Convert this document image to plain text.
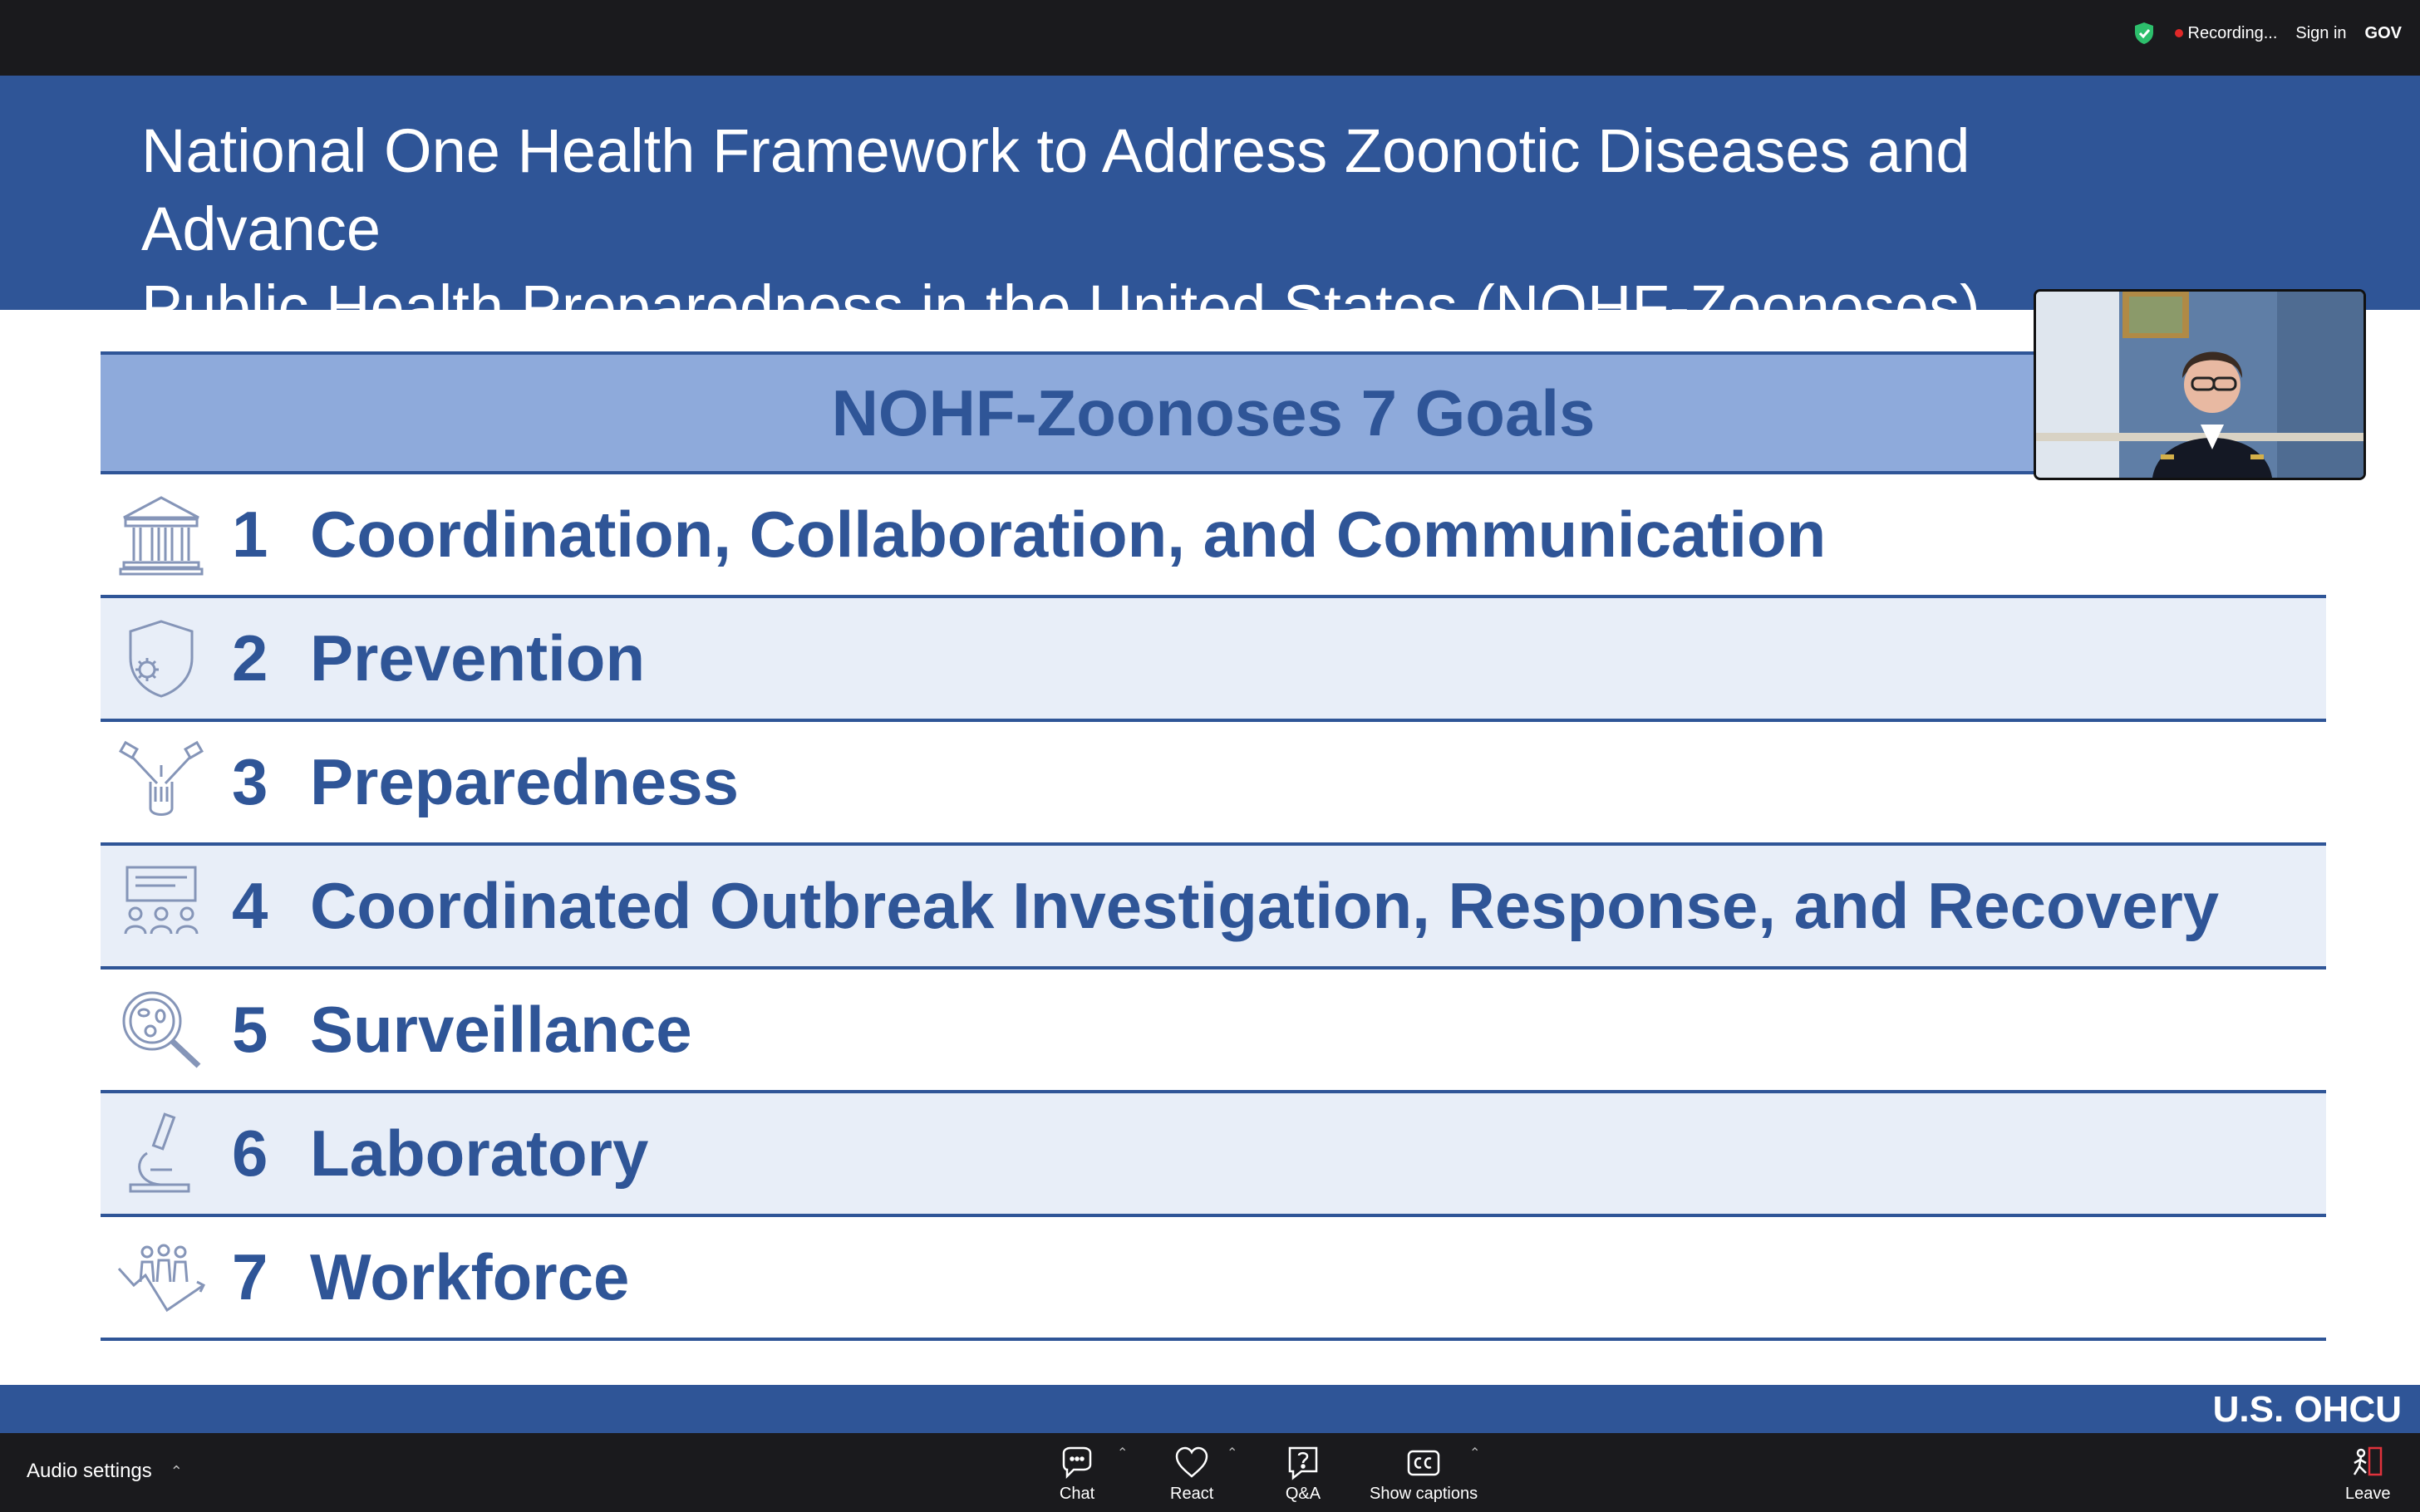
Recording... Sign in GOV
National One Health Framework to Address Zoonotic Diseases and Advance
Public Health Preparedness in the United States (NOHF-Zoonoses)
NOHF-Zoonoses 7 Goals
1 Coordination, Collaboration, and Communication
2 Prevention
3 Preparedness
4 Coordinated Outbreak Investigation, Response, and Recovery
5 Surveillance
6 Laboratory
7 Workforce
U.S. OHCU
Audio settings ⌃
Chat
⌃
React
⌃
Q&A	Show captions
⌃
Leave
